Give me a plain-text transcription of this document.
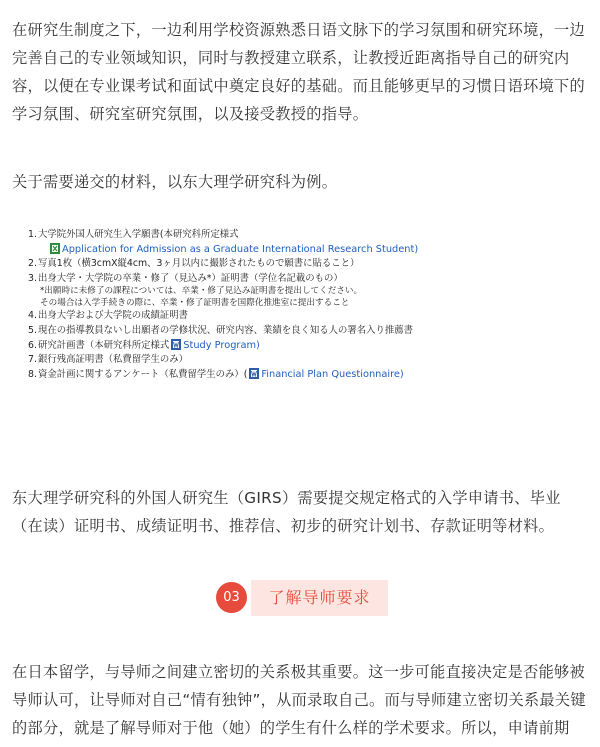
在研究生制度之下，一边利用学校资源熟悉日语文脉下的学习氛围和研究环境，一边完善自己的专业领域知识，同时与教授建立联系，让教授近距离指导自己的研究内容，以便在专业课考试和面试中奠定良好的基础。而且能够更早的习惯日语环境下的学习氛围、研究室研究氛围，以及接受教授的指导。

关于需要递交的材料，以东大理学研究科为例。

1.大学院外国人研究生入学願書(本研究科所定様式
Application for Admission as a Graduate International Research Student)
2.写真1枚（横3cmX縦4cm、3ヶ月以内に撮影されたもので願書に貼ること）
3.出身大学・大学院の卒業・修了（見込み*）証明書（学位名記載のもの）
*出願時に未修了の課程については、卒業・修了見込み証明書を提出してください。
その場合は入学手続きの際に、卒業・修了証明書を国際化推進室に提出すること
4.出身大学および大学院の成績証明書
5.現在の指導教員ないし出願者の学修状況、研究内容、業績を良く知る人の署名入り推薦書
6.研究計画書（本研究科所定様式 Study Program)
7.銀行残高証明書（私費留学生のみ）
8.資金計画に関するアンケート（私費留学生のみ）( Financial Plan Questionnaire)

东大理学研究科的外国人研究生（GIRS）需要提交规定格式的入学申请书、毕业（在读）证明书、成绩证明书、推荐信、初步的研究计划书、存款证明等材料。

03	了解导师要求

在日本留学，与导师之间建立密切的关系极其重要。这一步可能直接决定是否能够被导师认可，让导师对自己“情有独钟”，从而录取自己。而与导师建立密切关系最关键的部分，就是了解导师对于他（她）的学生有什么样的学术要求。所以，申请前期
